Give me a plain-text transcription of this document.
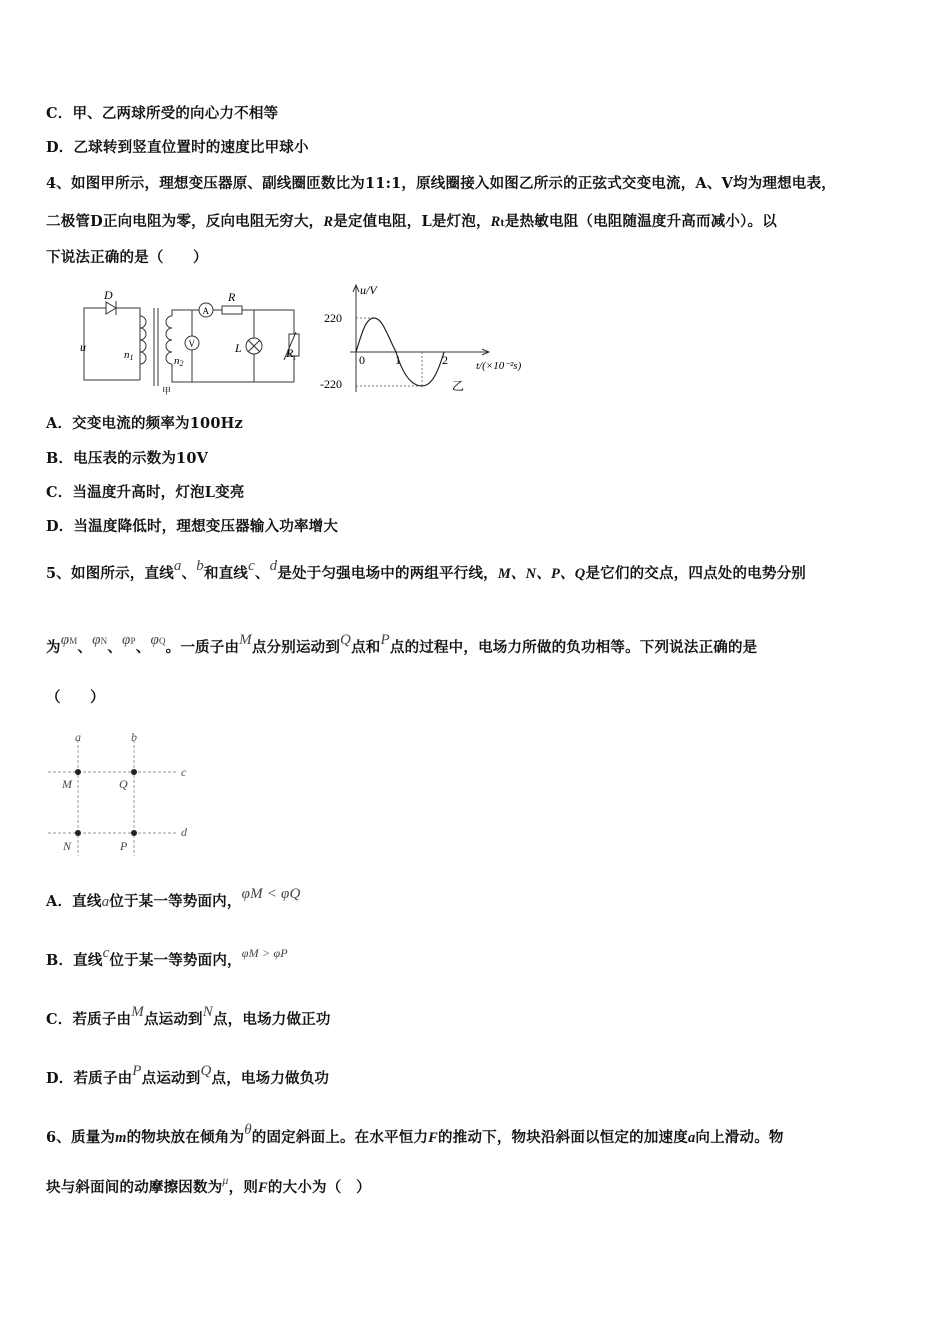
C．甲、乙两球所受的向心力不相等
D．乙球转到竖直位置时的速度比甲球小
4、如图甲所示，理想变压器原、副线圈匝数比为11:1，原线圈接入如图乙所示的正弦式交变电流，A、V均为理想电表，
二极管D正向电阻为零，反向电阻无穷大，R是定值电阻，L是灯泡，Rt是热敏电阻（电阻随温度升高而减小）。以
下说法正确的是（　　）
D
u
n1	n2
A
V
R
L	$R_t$
甲
u/V
220
-220
0	1	2	t/(×10⁻²s)
乙
A．交变电流的频率为100Hz
B．电压表的示数为10V
C．当温度升高时，灯泡L变亮
D．当温度降低时，理想变压器输入功率增大
5、如图所示，直线a、b和直线c、d是处于匀强电场中的两组平行线，M、N、P、Q是它们的交点，四点处的电势分别
为$\varphi^M$、$\varphi^N$、$\varphi^P$、$\varphi^Q$。一质子由M点分别运动到Q点和P点的过程中，电场力所做的负功相等。下列说法正确的是
（　　）
a	b
c
d
M	Q
N	P
A．直线a位于某一等势面内，φM < φQ
B．直线c位于某一等势面内，$^{\varphi M > \varphi P}$
C．若质子由M点运动到N点，电场力做正功
D．若质子由P点运动到Q点，电场力做负功
6、质量为m的物块放在倾角为θ的固定斜面上。在水平恒力F的推动下，物块沿斜面以恒定的加速度a向上滑动。物
块与斜面间的动摩擦因数为$^\mu$，则F的大小为（　）
